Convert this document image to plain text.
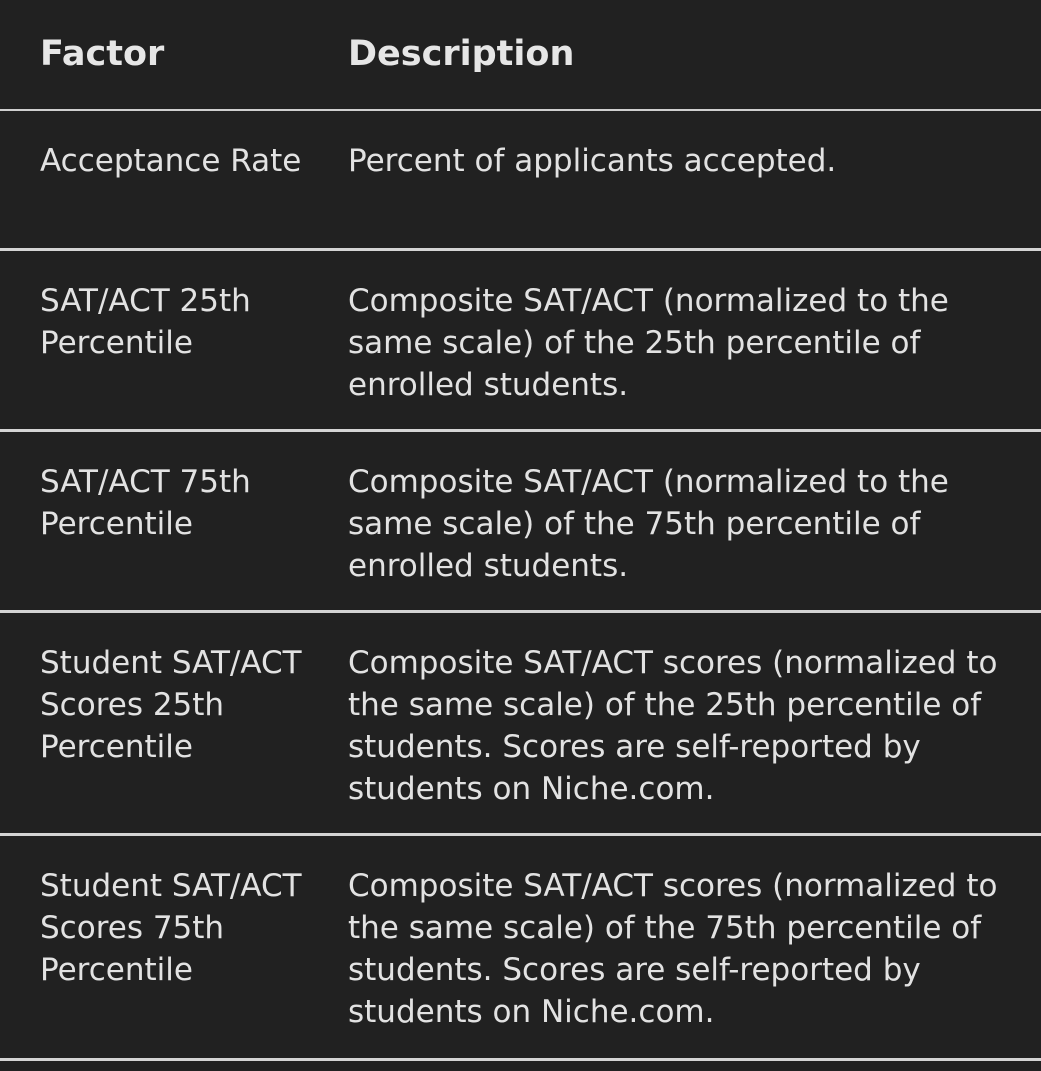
Factor	Description
Acceptance Rate	Percent of applicants accepted.
SAT/ACT 25th Percentile
Composite SAT/ACT (normalized to the same scale) of the 25th percentile of enrolled students.
SAT/ACT 75th Percentile
Composite SAT/ACT (normalized to the same scale) of the 75th percentile of enrolled students.
Student SAT/ACT Scores 25th Percentile
Composite SAT/ACT scores (normalized to the same scale) of the 25th percentile of students. Scores are self-reported by students on Niche.com.
Student SAT/ACT Scores 75th Percentile
Composite SAT/ACT scores (normalized to the same scale) of the 75th percentile of students. Scores are self-reported by students on Niche.com.
